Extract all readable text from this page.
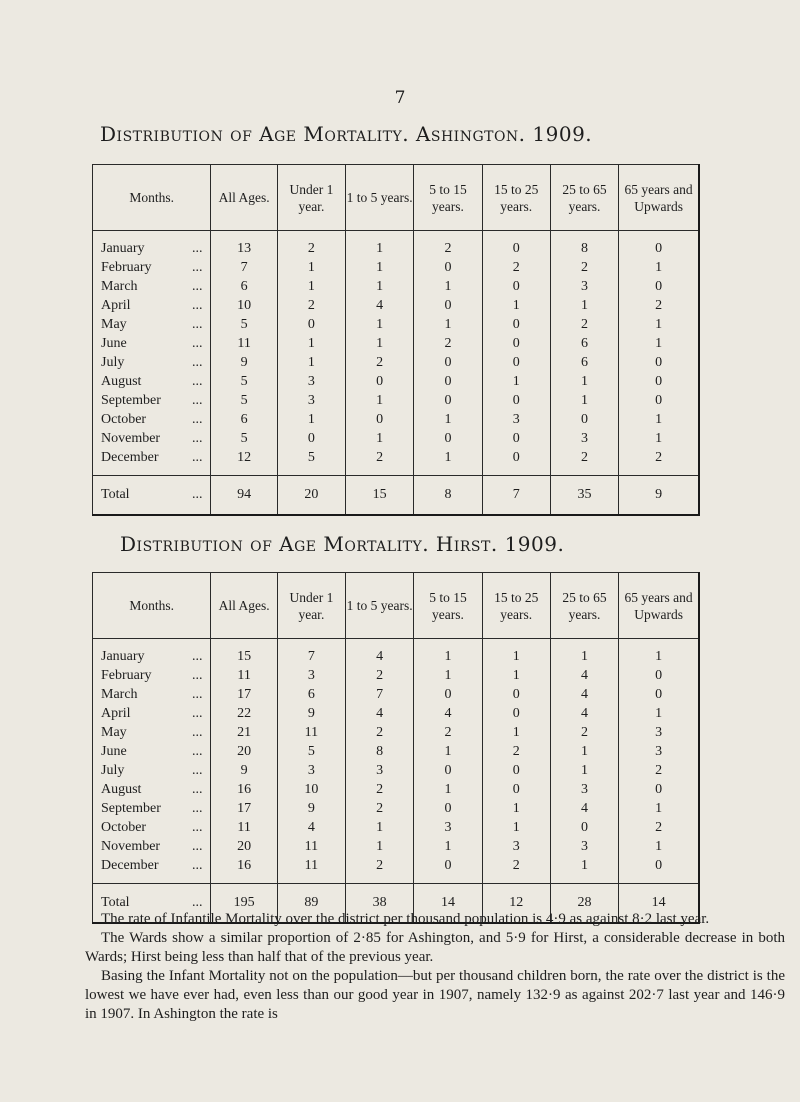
7
Distribution of Age Mortality. Ashington. 1909.
Months.	All Ages.	Under 1 year.	1 to 5 years.	5 to 15 years.	15 to 25 years.	25 to 65 years.	65 years and Upwards

January ...	13	2	1	2	0	8	0
February ...	7	1	1	0	2	2	1
March ...	6	1	1	1	0	3	0
April ...	10	2	4	0	1	1	2
May ...	5	0	1	1	0	2	1
June ...	11	1	1	2	0	6	1
July ...	9	1	2	0	0	6	0
August ...	5	3	0	0	1	1	0
September ...	5	3	1	0	0	1	0
October ...	6	1	0	1	3	0	1
November ...	5	0	1	0	0	3	1
December ...	12	5	2	1	0	2	2

Total ...	94	20	15	8	7	35	9
Distribution of Age Mortality. Hirst. 1909.
Months.	All Ages.	Under 1 year.	1 to 5 years.	5 to 15 years.	15 to 25 years.	25 to 65 years.	65 years and Upwards

January ...	15	7	4	1	1	1	1
February ...	11	3	2	1	1	4	0
March ...	17	6	7	0	0	4	0
April ...	22	9	4	4	0	4	1
May ...	21	11	2	2	1	2	3
June ...	20	5	8	1	2	1	3
July ...	9	3	3	0	0	1	2
August ...	16	10	2	1	0	3	0
September ...	17	9	2	0	1	4	1
October ...	11	4	1	3	1	0	2
November ...	20	11	1	1	3	3	1
December ...	16	11	2	0	2	1	0

Total ...	195	89	38	14	12	28	14

The rate of Infantile Mortality over the district per thousand population is 4·9 as against 8·2 last year.

The Wards show a similar proportion of 2·85 for Ashington, and 5·9 for Hirst, a considerable decrease in both Wards; Hirst being less than half that of the previous year.

Basing the Infant Mortality not on the population—but per thousand children born, the rate over the district is the lowest we have ever had, even less than our good year in 1907, namely 132·9 as against 202·7 last year and 146·9 in 1907. In Ashington the rate is
